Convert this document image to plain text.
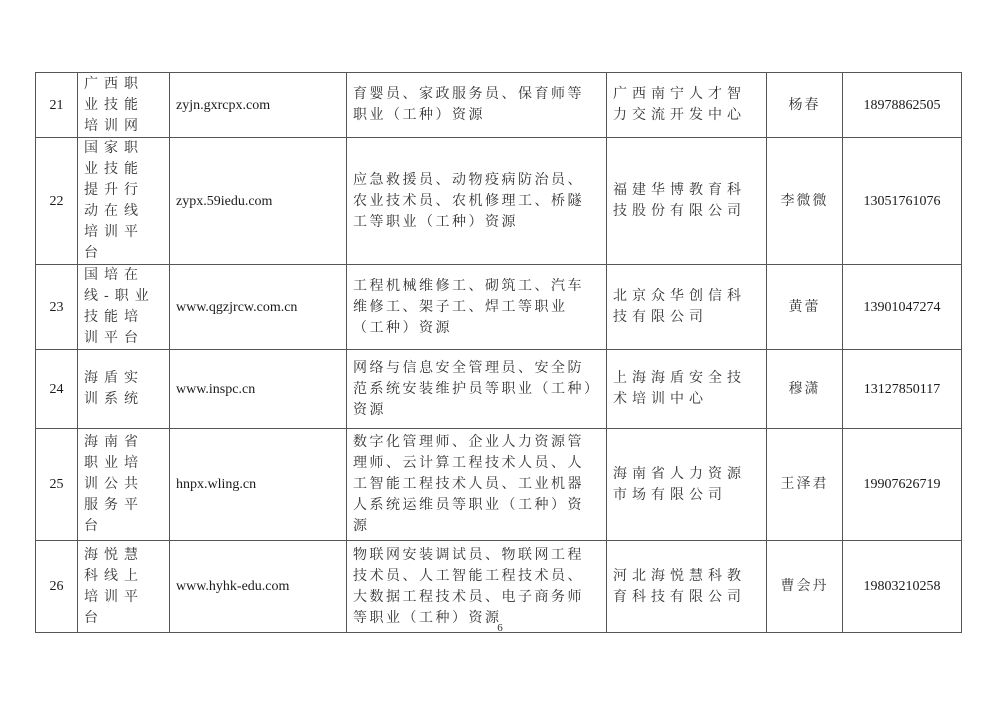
21	广西职业技能培训网	zyjn.gxrcpx.com	育婴员、家政服务员、保育师等职业（工种）资源	广西南宁人才智力交流开发中心	杨春	18978862505
22	国家职业技能提升行动在线培训平台	zypx.59iedu.com	应急救援员、动物疫病防治员、农业技术员、农机修理工、桥隧工等职业（工种）资源	福建华博教育科技股份有限公司	李微微	13051761076
23	国培在线-职业技能培训平台	www.qgzjrcw.com.cn	工程机械维修工、砌筑工、汽车维修工、架子工、焊工等职业（工种）资源	北京众华创信科技有限公司	黄蕾	13901047274
24	海盾实训系统	www.inspc.cn	网络与信息安全管理员、安全防范系统安装维护员等职业（工种）资源	上海海盾安全技术培训中心	穆潇	13127850117
25	海南省职业培训公共服务平台	hnpx.wling.cn	数字化管理师、企业人力资源管理师、云计算工程技术人员、人工智能工程技术人员、工业机器人系统运维员等职业（工种）资源	海南省人力资源市场有限公司	王泽君	19907626719
26	海悦慧科线上培训平台	www.hyhk-edu.com	物联网安装调试员、物联网工程技术员、人工智能工程技术员、大数据工程技术员、电子商务师等职业（工种）资源	河北海悦慧科教育科技有限公司	曹会丹	19803210258
6
